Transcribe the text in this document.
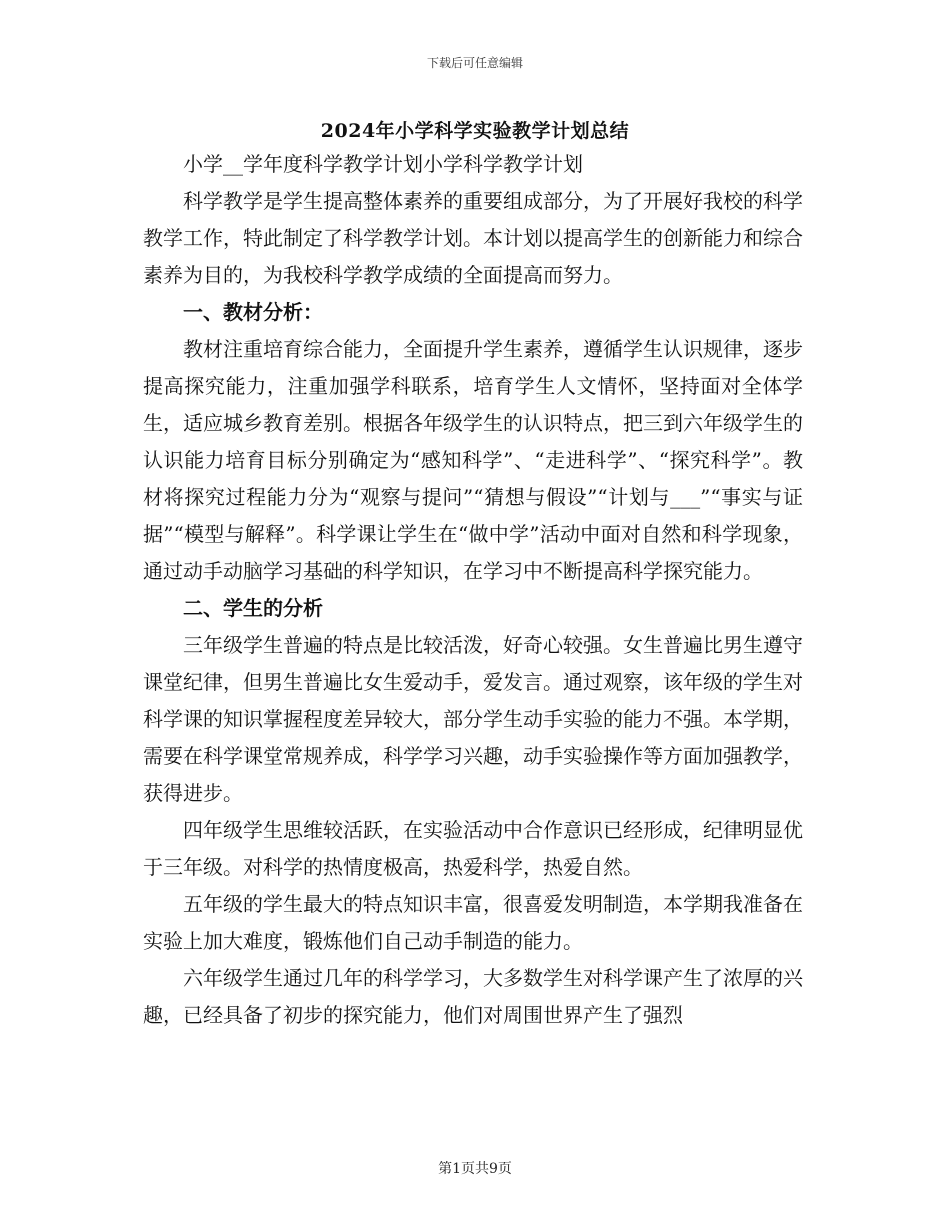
下载后可任意编辑
2024年小学科学实验教学计划总结

小学__学年度科学教学计划小学科学教学计划

科学教学是学生提高整体素养的重要组成部分，为了开展好我校的科学教学工作，特此制定了科学教学计划。本计划以提高学生的创新能力和综合素养为目的，为我校科学教学成绩的全面提高而努力。

一、教材分析：

教材注重培育综合能力，全面提升学生素养，遵循学生认识规律，逐步提高探究能力，注重加强学科联系，培育学生人文情怀，坚持面对全体学生，适应城乡教育差别。根据各年级学生的认识特点，把三到六年级学生的认识能力培育目标分别确定为“感知科学”、“走进科学”、“探究科学”。教材将探究过程能力分为“观察与提问”“猜想与假设”“计划与___”“事实与证据”“模型与解释”。科学课让学生在“做中学”活动中面对自然和科学现象，通过动手动脑学习基础的科学知识，在学习中不断提高科学探究能力。

二、学生的分析

三年级学生普遍的特点是比较活泼，好奇心较强。女生普遍比男生遵守课堂纪律，但男生普遍比女生爱动手，爱发言。通过观察，该年级的学生对科学课的知识掌握程度差异较大，部分学生动手实验的能力不强。本学期，需要在科学课堂常规养成，科学学习兴趣，动手实验操作等方面加强教学，获得进步。

四年级学生思维较活跃，在实验活动中合作意识已经形成，纪律明显优于三年级。对科学的热情度极高，热爱科学，热爱自然。

五年级的学生最大的特点知识丰富，很喜爱发明制造，本学期我准备在实验上加大难度，锻炼他们自己动手制造的能力。

六年级学生通过几年的科学学习，大多数学生对科学课产生了浓厚的兴趣，已经具备了初步的探究能力，他们对周围世界产生了强烈

第1页共9页
